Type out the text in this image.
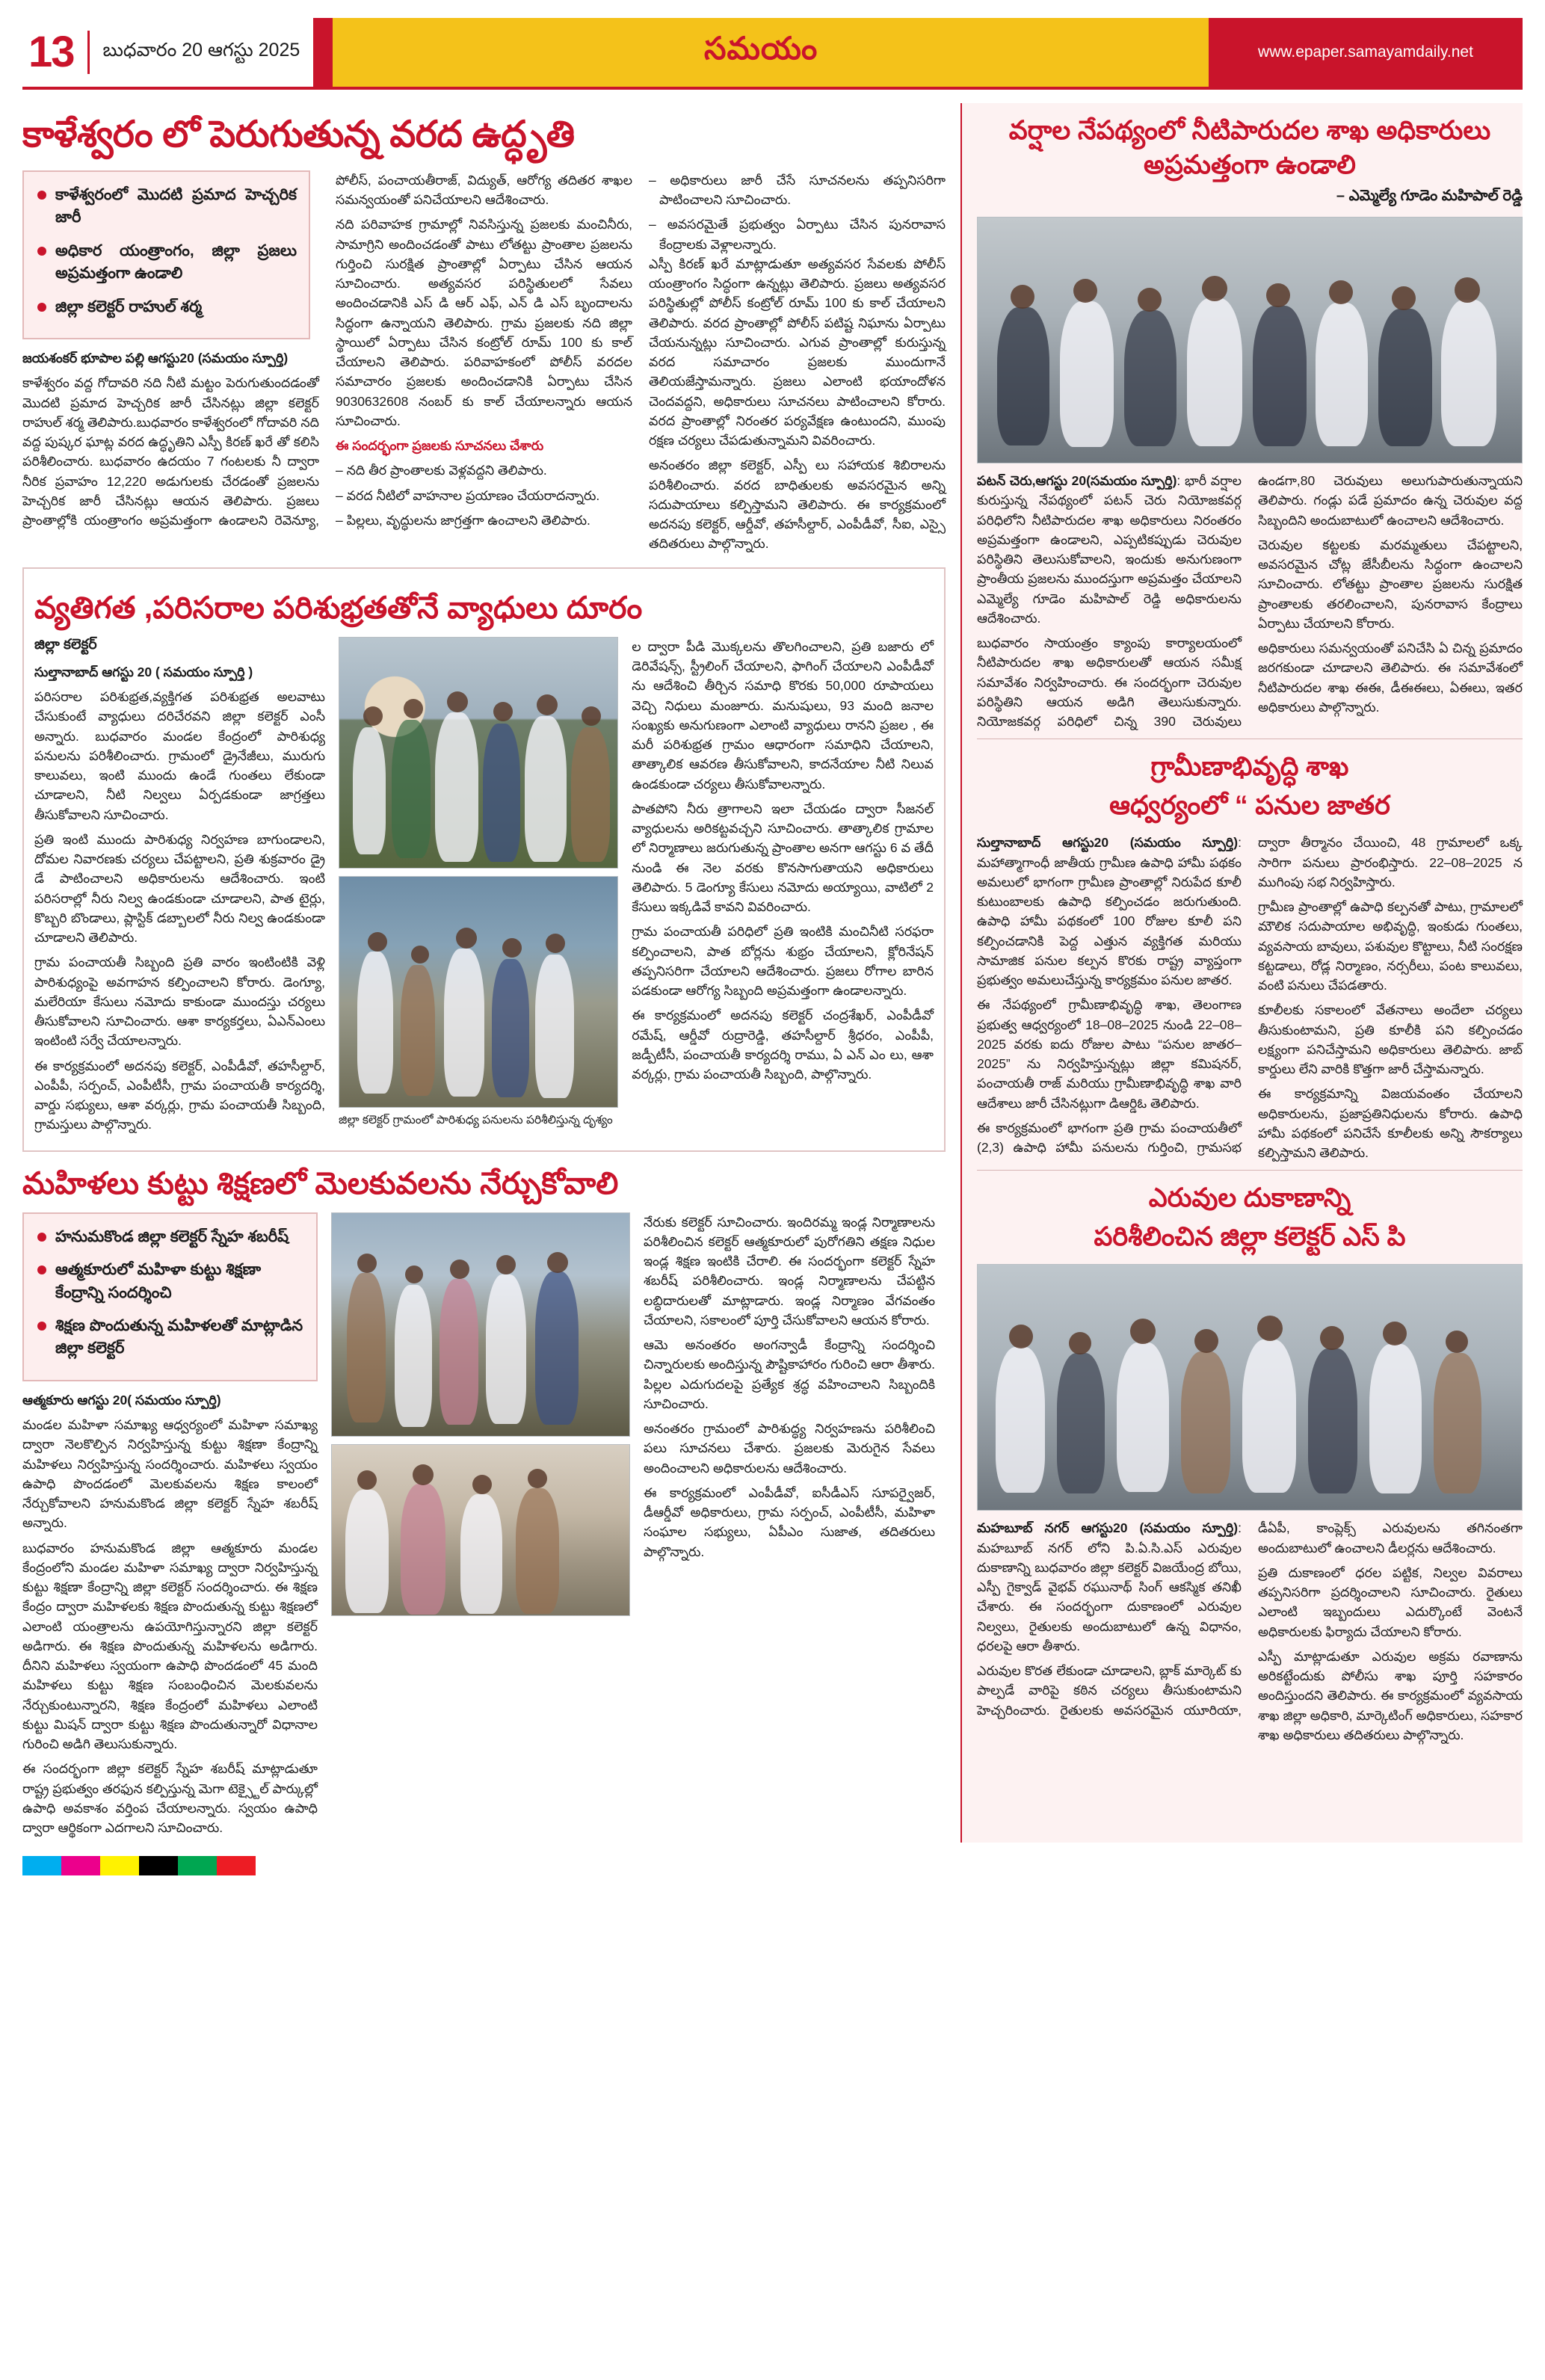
13	బుధవారం 20 ఆగస్టు 2025	సమయం	www.epaper.samayamdaily.net
కాళేశ్వరం లో పెరుగుతున్న వరద ఉద్ధృతి
కాళేశ్వరంలో మొదటి ప్రమాద హెచ్చరిక జారీ
అధికార యంత్రాంగం, జిల్లా ప్రజలు అప్రమత్తంగా ఉండాలి
జిల్లా కలెక్టర్ రాహుల్ శర్మ

జయశంకర్ భూపాల పల్లి ఆగస్టు20 (సమయం స్పూర్తి)

కాళేశ్వరం వద్ద గోదావరి నది నీటి మట్టం పెరుగుతుందడంతో మొదటి ప్రమాద హెచ్చరిక జారీ చేసినట్లు జిల్లా కలెక్టర్ రాహుల్ శర్మ తెలిపారు.బుధవారం కాళేశ్వరంలో గోదావరి నది వద్ద పుష్కర ఘాట్ల వరద ఉద్ధృతిని ఎస్పీ కిరణ్ ఖరే తో కలిసి పరిశీలించారు. బుధవారం ఉదయం 7 గంటలకు నీ ద్వారా నీరిక ప్రవాహం 12,220 అడుగులకు చేరడంతో ప్రజలను హెచ్చరిక జారీ చేసినట్లు ఆయన తెలిపారు. ప్రజలు ప్రాంతాల్లోకి యంత్రాంగం అప్రమత్తంగా ఉండాలని రెవెన్యూ, పోలీస్, పంచాయతీరాజ్, విద్యుత్, ఆరోగ్య తదితర శాఖల సమన్వయంతో పనిచేయాలని ఆదేశించారు.

నది పరివాహక గ్రామాల్లో నివసిస్తున్న ప్రజలకు మంచినీరు, సామాగ్రిని అందించడంతో పాటు లోతట్టు ప్రాంతాల ప్రజలను గుర్తించి సురక్షిత ప్రాంతాల్లో ఏర్పాటు చేసిన ఆయన సూచించారు. అత్యవసర పరిస్థితులలో సేవలు అందించడానికి ఎస్ డి ఆర్ ఎఫ్, ఎన్ డి ఎస్ బృందాలను సిద్ధంగా ఉన్నాయని తెలిపారు. గ్రామ ప్రజలకు నది జిల్లా స్థాయిలో ఏర్పాటు చేసిన కంట్రోల్ రూమ్ 100 కు కాల్ చేయాలని తెలిపారు. పరివాహకంలో పోలీస్ వరదల సమాచారం ప్రజలకు అందించడానికి ఏర్పాటు చేసిన 9030632608 నంబర్ కు కాల్ చేయాలన్నారు ఆయన సూచించారు.

ఈ సందర్భంగా ప్రజలకు సూచనలు చేశారు

– నది తీర ప్రాంతాలకు వెళ్లవద్దని తెలిపారు.

– వరద నీటిలో వాహనాల ప్రయాణం చేయరాదన్నారు.

– పిల్లలు, వృద్ధులను జాగ్రత్తగా ఉంచాలని తెలిపారు.

– అధికారులు జారీ చేసే సూచనలను తప్పనిసరిగా పాటించాలని సూచించారు.

– అవసరమైతే ప్రభుత్వం ఏర్పాటు చేసిన పునరావాస కేంద్రాలకు వెళ్లాలన్నారు.

ఎస్పీ కిరణ్ ఖరే మాట్లాడుతూ అత్యవసర సేవలకు పోలీస్ యంత్రాంగం సిద్ధంగా ఉన్నట్లు తెలిపారు. ప్రజలు అత్యవసర పరిస్థితుల్లో పోలీస్ కంట్రోల్ రూమ్ 100 కు కాల్ చేయాలని తెలిపారు. వరద ప్రాంతాల్లో పోలీస్ పటిష్ట నిఘాను ఏర్పాటు చేయనున్నట్లు సూచించారు. ఎగువ ప్రాంతాల్లో కురుస్తున్న వరద సమాచారం ప్రజలకు ముందుగానే తెలియజేస్తామన్నారు. ప్రజలు ఎలాంటి భయాందోళన చెందవద్దని, అధికారులు సూచనలు పాటించాలని కోరారు. వరద ప్రాంతాల్లో నిరంతర పర్యవేక్షణ ఉంటుందని, ముంపు రక్షణ చర్యలు చేపడుతున్నామని వివరించారు.

అనంతరం జిల్లా కలెక్టర్, ఎస్పీ లు సహాయక శిబిరాలను పరిశీలించారు. వరద బాధితులకు అవసరమైన అన్ని సదుపాయాలు కల్పిస్తామని తెలిపారు. ఈ కార్యక్రమంలో అదనపు కలెక్టర్, ఆర్డీవో, తహసీల్దార్, ఎంపీడీవో, సీఐ, ఎస్సై తదితరులు పాల్గొన్నారు.

వ్యతిగత ,పరిసరాల పరిశుభ్రతతోనే వ్యాధులు దూరం

జిల్లా కలెక్టర్

సుల్తానాబాద్ ఆగస్టు 20 ( సమయం స్పూర్తి )

పరిసరాల పరిశుభ్రత,వ్యక్తిగత పరిశుభ్రత అలవాటు చేసుకుంటే వ్యాధులు దరిచేరవని జిల్లా కలెక్టర్ ఎంసీ అన్నారు. బుధవారం మండల కేంద్రంలో పారిశుధ్య పనులను పరిశీలించారు. గ్రామంలో డ్రైనేజీలు, మురుగు కాలువలు, ఇంటి ముందు ఉండే గుంతలు లేకుండా చూడాలని, నీటి నిల్వలు ఏర్పడకుండా జాగ్రత్తలు తీసుకోవాలని సూచించారు.

ప్రతి ఇంటి ముందు పారిశుధ్య నిర్వహణ బాగుండాలని, దోమల నివారణకు చర్యలు చేపట్టాలని, ప్రతి శుక్రవారం డ్రై డే పాటించాలని అధికారులను ఆదేశించారు. ఇంటి పరిసరాల్లో నీరు నిల్వ ఉండకుండా చూడాలని, పాత టైర్లు, కొబ్బరి బొండాలు, ప్లాస్టిక్ డబ్బాలలో నీరు నిల్వ ఉండకుండా చూడాలని తెలిపారు.

గ్రామ పంచాయతీ సిబ్బంది ప్రతి వారం ఇంటింటికి వెళ్లి పారిశుధ్యంపై అవగాహన కల్పించాలని కోరారు. డెంగ్యూ, మలేరియా కేసులు నమోదు కాకుండా ముందస్తు చర్యలు తీసుకోవాలని సూచించారు. ఆశా కార్యకర్తలు, ఏఎన్ఎంలు ఇంటింటి సర్వే చేయాలన్నారు.

ఈ కార్యక్రమంలో అదనపు కలెక్టర్, ఎంపీడీవో, తహసీల్దార్, ఎంపీపీ, సర్పంచ్, ఎంపీటీసీ, గ్రామ పంచాయతీ కార్యదర్శి, వార్డు సభ్యులు, ఆశా వర్కర్లు, గ్రామ పంచాయతీ సిబ్బంది, గ్రామస్తులు పాల్గొన్నారు.	జిల్లా కలెక్టర్ గ్రామంలో పారిశుధ్య పనులను పరిశీలిస్తున్న దృశ్యం

ల ద్వారా పీడి మొక్కలను తొలగించాలని, ప్రతి బజారు లో డెరివేషన్స్, స్ట్రీలింగ్ చేయాలని, ఫాగింగ్ చేయాలని ఎంపీడీవో ను ఆదేశించి తీర్చిన సమాధి కొరకు 50,000 రూపాయలు వెచ్చి నిధులు మంజూరు. మనుషులు, 93 మంది జనాల సంఖ్యకు అనుగుణంగా ఎలాంటి వ్యాధులు రానని ప్రజల , ఈ మరీ పరిశుభ్రత గ్రామం ఆధారంగా సమాధిని చేయాలని, తాత్కాలిక ఆవరణ తీసుకోవాలని, కాదనేయాల నీటి నిలువ ఉండకుండా చర్యలు తీసుకోవాలన్నారు.

పాతపోని నీరు త్రాగాలని ఇలా చేయడం ద్వారా సీజనల్ వ్యాధులను అరికట్టవచ్చని సూచించారు. తాత్కాలిక గ్రామాల లో నిర్మాణాలు జరుగుతున్న ప్రాంతాల అనగా ఆగస్టు 6 వ తేదీ నుండి ఈ నెల వరకు కొనసాగుతాయని అధికారులు తెలిపారు. 5 డెంగ్యూ కేసులు నమోదు అయ్యాయి, వాటిలో 2 కేసులు ఇక్కడివే కావని వివరించారు.

గ్రామ పంచాయతీ పరిధిలో ప్రతి ఇంటికి మంచినీటి సరఫరా కల్పించాలని, పాత బోర్లను శుభ్రం చేయాలని, క్లోరినేషన్ తప్పనిసరిగా చేయాలని ఆదేశించారు. ప్రజలు రోగాల బారిన పడకుండా ఆరోగ్య సిబ్బంది అప్రమత్తంగా ఉండాలన్నారు.

ఈ కార్యక్రమంలో అదనపు కలెక్టర్ చంద్రశేఖర్, ఎంపీడీవో రమేష్, ఆర్డీవో రుద్రారెడ్డి, తహసీల్దార్ శ్రీధరం, ఎంపీపీ, జడ్పీటీసీ, పంచాయతీ కార్యదర్శి రాము, ఏ ఎన్ ఎం లు, ఆశా వర్కర్లు, గ్రామ పంచాయతీ సిబ్బంది, పాల్గొన్నారు.

మహిళలు కుట్టు శిక్షణలో మెలకువలను నేర్చుకోవాలి
హనుమకొండ జిల్లా కలెక్టర్ స్నేహ శబరీష్
ఆత్మకూరులో మహిళా కుట్టు శిక్షణా కేంద్రాన్ని సందర్శించి
శిక్షణ పొందుతున్న మహిళలతో మాట్లాడిన జిల్లా కలెక్టర్

ఆత్మకూరు ఆగస్టు 20( సమయం స్పూర్తి)

మండల మహిళా సమాఖ్య ఆధ్వర్యంలో మహిళా సమాఖ్య ద్వారా నెలకొల్పిన నిర్వహిస్తున్న కుట్టు శిక్షణా కేంద్రాన్ని మహిళలు నిర్వహిస్తున్న సందర్శించారు. మహిళలు స్వయం ఉపాధి పొందడంలో మెలకువలను శిక్షణ కాలంలో నేర్చుకోవాలని హనుమకొండ జిల్లా కలెక్టర్ స్నేహ శబరీష్ అన్నారు.

బుధవారం హనుమకొండ జిల్లా ఆత్మకూరు మండల కేంద్రంలోని మండల మహిళా సమాఖ్య ద్వారా నిర్వహిస్తున్న కుట్టు శిక్షణా కేంద్రాన్ని జిల్లా కలెక్టర్ సందర్శించారు. ఈ శిక్షణ కేంద్రం ద్వారా మహిళలకు శిక్షణ పొందుతున్న కుట్టు శిక్షణలో ఎలాంటి యంత్రాలను ఉపయోగిస్తున్నారని జిల్లా కలెక్టర్ అడిగారు. ఈ శిక్షణ పొందుతున్న మహిళలను అడిగారు. దీనిని మహిళలు స్వయంగా ఉపాధి పొందడంలో 45 మంది మహిళలు కుట్టు శిక్షణ సంబంధించిన మెలకువలను నేర్చుకుంటున్నారని, శిక్షణ కేంద్రంలో మహిళలు ఎలాంటి కుట్టు మిషన్ ద్వారా కుట్టు శిక్షణ పొందుతున్నారో విధానాల గురించి అడిగి తెలుసుకున్నారు.

ఈ సందర్భంగా జిల్లా కలెక్టర్ స్నేహ శబరీష్ మాట్లాడుతూ రాష్ట్ర ప్రభుత్వం తరఫున కల్పిస్తున్న మెగా టెక్స్టైల్ పార్కుల్లో ఉపాధి అవకాశం వర్తింప చేయాలన్నారు. స్వయం ఉపాధి ద్వారా ఆర్థికంగా ఎదగాలని సూచించారు.

నేరుకు కలెక్టర్ సూచించారు. ఇందిరమ్మ ఇండ్ల నిర్మాణాలను పరిశీలించిన కలెక్టర్ ఆత్మకూరులో పురోగతిని తక్షణ నిధుల ఇండ్ల శిక్షణ ఇంటికి చేరాలి. ఈ సందర్భంగా కలెక్టర్ స్నేహ శబరీష్ పరిశీలించారు. ఇండ్ల నిర్మాణాలను చేపట్టిన లబ్ధిదారులతో మాట్లాడారు. ఇండ్ల నిర్మాణం వేగవంతం చేయాలని, సకాలంలో పూర్తి చేసుకోవాలని ఆయన కోరారు.

ఆమె అనంతరం అంగన్వాడీ కేంద్రాన్ని సందర్శించి చిన్నారులకు అందిస్తున్న పౌష్టికాహారం గురించి ఆరా తీశారు. పిల్లల ఎదుగుదలపై ప్రత్యేక శ్రద్ధ వహించాలని సిబ్బందికి సూచించారు.

అనంతరం గ్రామంలో పారిశుద్ధ్య నిర్వహణను పరిశీలించి పలు సూచనలు చేశారు. ప్రజలకు మెరుగైన సేవలు అందించాలని అధికారులను ఆదేశించారు.

ఈ కార్యక్రమంలో ఎంపీడీవో, ఐసీడీఎస్ సూపర్వైజర్, డీఆర్డీవో అధికారులు, గ్రామ సర్పంచ్, ఎంపీటీసీ, మహిళా సంఘాల సభ్యులు, ఏపీఎం సుజాత, తదితరులు పాల్గొన్నారు.

వర్షాల నేపథ్యంలో నీటిపారుదల శాఖ అధికారులు అప్రమత్తంగా ఉండాలి
– ఎమ్మెల్యే గూడెం మహిపాల్ రెడ్డి

పటన్ చెరు,ఆగస్టు 20(సమయం స్పూర్తి): భారీ వర్షాల కురుస్తున్న నేపథ్యంలో పటన్ చెరు నియోజకవర్గ పరిధిలోని నీటిపారుదల శాఖ అధికారులు నిరంతరం అప్రమత్తంగా ఉండాలని, ఎప్పటికప్పుడు చెరువుల పరిస్థితిని తెలుసుకోవాలని, ఇందుకు అనుగుణంగా ప్రాంతీయ ప్రజలను ముందస్తుగా అప్రమత్తం చేయాలని ఎమ్మెల్యే గూడెం మహిపాల్ రెడ్డి అధికారులను ఆదేశించారు.

బుధవారం సాయంత్రం క్యాంపు కార్యాలయంలో నీటిపారుదల శాఖ అధికారులతో ఆయన సమీక్ష సమావేశం నిర్వహించారు. ఈ సందర్భంగా చెరువుల పరిస్థితిని ఆయన అడిగి తెలుసుకున్నారు. నియోజకవర్గ పరిధిలో చిన్న 390 చెరువులు ఉండగా,80 చెరువులు అలుగుపారుతున్నాయని తెలిపారు. గండ్లు పడే ప్రమాదం ఉన్న చెరువుల వద్ద సిబ్బందిని అందుబాటులో ఉంచాలని ఆదేశించారు.

చెరువుల కట్టలకు మరమ్మతులు చేపట్టాలని, అవసరమైన చోట్ల జేసీబీలను సిద్ధంగా ఉంచాలని సూచించారు. లోతట్టు ప్రాంతాల ప్రజలను సురక్షిత ప్రాంతాలకు తరలించాలని, పునరావాస కేంద్రాలు ఏర్పాటు చేయాలని కోరారు.

అధికారులు సమన్వయంతో పనిచేసి ఏ చిన్న ప్రమాదం జరగకుండా చూడాలని తెలిపారు. ఈ సమావేశంలో నీటిపారుదల శాఖ ఈఈ, డీఈఈలు, ఏఈలు, ఇతర అధికారులు పాల్గొన్నారు.

గ్రామీణాభివృద్ధి శాఖ
ఆధ్వర్యంలో “ పనుల జాతర

సుల్తానాబాద్ ఆగస్టు20 (సమయం స్పూర్తి): మహాత్మాగాంధీ జాతీయ గ్రామీణ ఉపాధి హామీ పథకం అమలులో భాగంగా గ్రామీణ ప్రాంతాల్లో నిరుపేద కూలీ కుటుంబాలకు ఉపాధి కల్పించడం జరుగుతుంది. ఉపాధి హామీ పథకంలో 100 రోజుల కూలీ పని కల్పించడానికి పెద్ద ఎత్తున వ్యక్తిగత మరియు సామాజిక పనుల కల్పన కొరకు రాష్ట్ర వ్యాప్తంగా ప్రభుత్వం అమలుచేస్తున్న కార్యక్రమం పనుల జాతర.

ఈ నేపథ్యంలో గ్రామీణాభివృద్ధి శాఖ, తెలంగాణ ప్రభుత్వ ఆధ్వర్యంలో 18–08–2025 నుండి 22–08–2025 వరకు ఐదు రోజుల పాటు “పనుల జాతర–2025” ను నిర్వహిస్తున్నట్లు జిల్లా కమిషనర్, పంచాయతీ రాజ్ మరియు గ్రామీణాభివృద్ధి శాఖ వారి ఆదేశాలు జారీ చేసినట్లుగా డిఆర్డిఓ తెలిపారు.

ఈ కార్యక్రమంలో భాగంగా ప్రతి గ్రామ పంచాయతీలో (2,3) ఉపాధి హామీ పనులను గుర్తించి, గ్రామసభ ద్వారా తీర్మానం చేయించి, 48 గ్రామాలలో ఒక్క సారిగా పనులు ప్రారంభిస్తారు. 22–08–2025 న ముగింపు సభ నిర్వహిస్తారు.

గ్రామీణ ప్రాంతాల్లో ఉపాధి కల్పనతో పాటు, గ్రామాలలో మౌలిక సదుపాయాల అభివృద్ధి, ఇంకుడు గుంతలు, వ్యవసాయ బావులు, పశువుల కొట్టాలు, నీటి సంరక్షణ కట్టడాలు, రోడ్ల నిర్మాణం, నర్సరీలు, పంట కాలువలు, వంటి పనులు చేపడతారు.

కూలీలకు సకాలంలో వేతనాలు అందేలా చర్యలు తీసుకుంటామని, ప్రతి కూలీకి పని కల్పించడం లక్ష్యంగా పనిచేస్తామని అధికారులు తెలిపారు. జాబ్ కార్డులు లేని వారికి కొత్తగా జారీ చేస్తామన్నారు.

ఈ కార్యక్రమాన్ని విజయవంతం చేయాలని అధికారులను, ప్రజాప్రతినిధులను కోరారు. ఉపాధి హామీ పథకంలో పనిచేసే కూలీలకు అన్ని సౌకర్యాలు కల్పిస్తామని తెలిపారు.

ఎరువుల దుకాణాన్ని
పరిశీలించిన జిల్లా కలెక్టర్ ఎస్ పి

మహబూబ్ నగర్ ఆగస్టు20 (సమయం స్పూర్తి): మహబూబ్ నగర్ లోని పి.ఏ.సి.ఎస్ ఎరువుల దుకాణాన్ని బుధవారం జిల్లా కలెక్టర్ విజయేంద్ర బోయి, ఎస్పీ గైక్వాడ్ వైభవ్ రఘునాథ్ సింగ్ ఆకస్మిక తనిఖీ చేశారు. ఈ సందర్భంగా దుకాణంలో ఎరువుల నిల్వలు, రైతులకు అందుబాటులో ఉన్న విధానం, ధరలపై ఆరా తీశారు.

ఎరువుల కొరత లేకుండా చూడాలని, బ్లాక్ మార్కెట్ కు పాల్పడే వారిపై కఠిన చర్యలు తీసుకుంటామని హెచ్చరించారు. రైతులకు అవసరమైన యూరియా, డీఏపీ, కాంప్లెక్స్ ఎరువులను తగినంతగా అందుబాటులో ఉంచాలని డీలర్లను ఆదేశించారు.

ప్రతి దుకాణంలో ధరల పట్టిక, నిల్వల వివరాలు తప్పనిసరిగా ప్రదర్శించాలని సూచించారు. రైతులు ఎలాంటి ఇబ్బందులు ఎదుర్కొంటే వెంటనే అధికారులకు ఫిర్యాదు చేయాలని కోరారు.

ఎస్పీ మాట్లాడుతూ ఎరువుల అక్రమ రవాణాను అరికట్టేందుకు పోలీసు శాఖ పూర్తి సహకారం అందిస్తుందని తెలిపారు. ఈ కార్యక్రమంలో వ్యవసాయ శాఖ జిల్లా అధికారి, మార్కెటింగ్ అధికారులు, సహకార శాఖ అధికారులు తదితరులు పాల్గొన్నారు.
